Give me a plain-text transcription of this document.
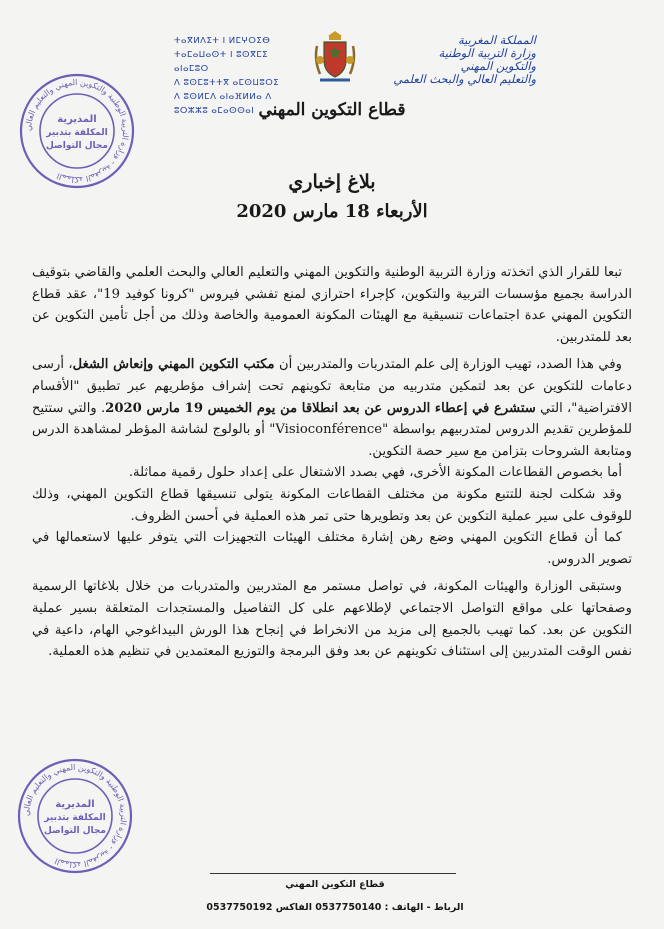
المملكة المغربية - وزارة التربية الوطنية والتكوين المهني والتعليم العالي
المديرية
المكلفة بتدبير
مجال التواصل
ⵜⴰⴳⵍⴷⵉⵜ ⵏ ⵍⵎⵖⵔⵉⴱ
ⵜⴰⵎⴰⵡⴰⵙⵜ ⵏ ⵓⵙⴳⵎⵉ ⴰⵏⴰⵎⵓⵔ
ⴷ ⵓⵙⵎⵓⵜⵜⴳ ⴰⵎⵙⵡⵓⵔⵉ
ⴷ ⵓⵙⵍⵎⴷ ⴰⵏⴰⴼⵍⵍⴰ ⴷ ⵓⵔⵣⵣⵓ ⴰⵎⴰⵙⵙⴰⵏ
المملكة المغربية
وزارة التربية الوطنية
والتكوين المهني
والتعليم العالي والبحث العلمي
قطاع التكوين المهني
بلاغ إخباري
الأربعاء 18 مارس 2020

تبعا للقرار الذي اتخذته وزارة التربية الوطنية والتكوين المهني والتعليم العالي والبحث العلمي والقاضي بتوقيف الدراسة بجميع مؤسسات التربية والتكوين، كإجراء احترازي لمنع تفشي فيروس "كرونا كوفيد 19"، عقد قطاع التكوين المهني عدة اجتماعات تنسيقية مع الهيئات المكونة العمومية والخاصة وذلك من أجل تأمين التكوين عن بعد للمتدربين.

وفي هذا الصدد، تهيب الوزارة إلى علم المتدربات والمتدربين أن مكتب التكوين المهني وإنعاش الشغل، أرسى دعامات للتكوين عن بعد لتمكين متدربيه من متابعة تكوينهم تحت إشراف مؤطريهم عبر تطبيق "الأقسام الافتراضية"، التي ستشرع في إعطاء الدروس عن بعد انطلاقا من يوم الخميس 19 مارس 2020. والتي ستتيح للمؤطرين تقديم الدروس لمتدربيهم بواسطة "Visioconférence" أو بالولوج لشاشة المؤطر لمشاهدة الدرس ومتابعة الشروحات بتزامن مع سير حصة التكوين.

أما بخصوص القطاعات المكونة الأخرى، فهي بصدد الاشتغال على إعداد حلول رقمية مماثلة.

وقد شكلت لجنة للتتبع مكونة من مختلف القطاعات المكونة يتولى تنسيقها قطاع التكوين المهني، وذلك للوقوف على سير عملية التكوين عن بعد وتطويرها حتى تمر هذه العملية في أحسن الظروف.

كما أن قطاع التكوين المهني وضع رهن إشارة مختلف الهيئات التجهيزات التي يتوفر عليها لاستعمالها في تصوير الدروس.

وستبقى الوزارة والهيئات المكونة، في تواصل مستمر مع المتدربين والمتدربات من خلال بلاغاتها الرسمية وصفحاتها على مواقع التواصل الاجتماعي لإطلاعهم على كل التفاصيل والمستجدات المتعلقة بسير عملية التكوين عن بعد. كما تهيب بالجميع إلى مزيد من الانخراط في إنجاح هذا الورش البيداغوجي الهام، داعية في نفس الوقت المتدربين إلى استئناف تكوينهم عن بعد وفق البرمجة والتوزيع المعتمدين في تنظيم هذه العملية.

المملكة المغربية - وزارة التربية الوطنية والتكوين المهني والتعليم العالي
المديرية
المكلفة بتدبير
مجال التواصل
قطاع التكوين المهني
الرباط - الهاتف : 0537750140 الفاكس 0537750192
